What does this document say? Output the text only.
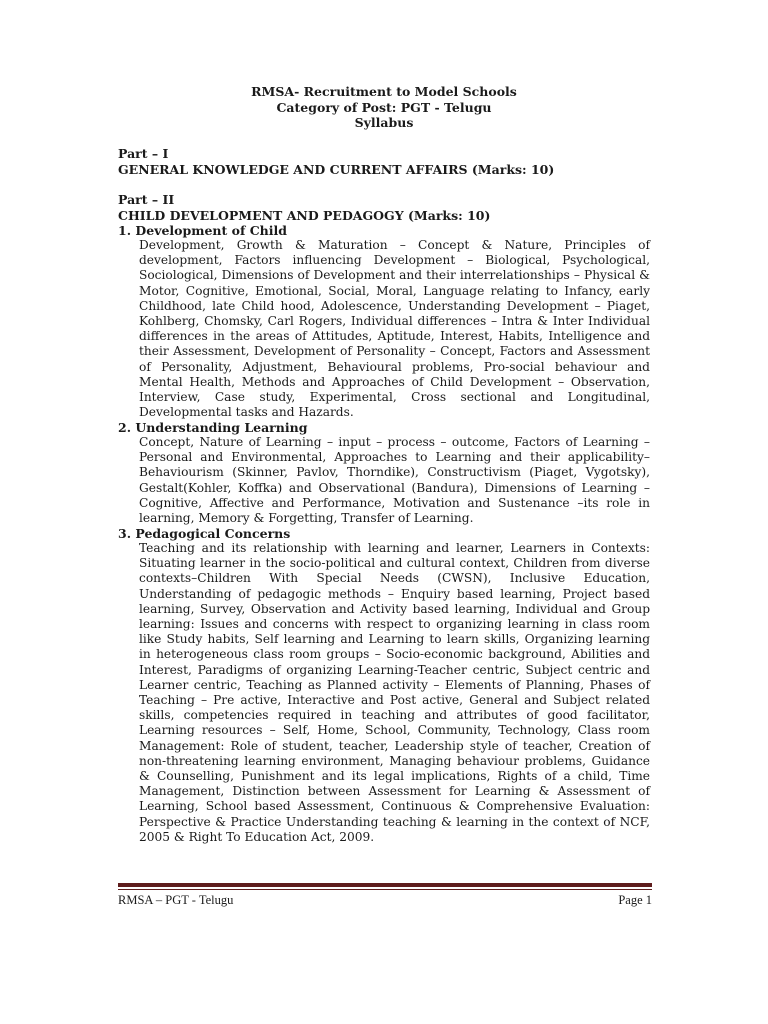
RMSA- Recruitment to Model Schools
Category of Post: PGT - Telugu
Syllabus
Part – I
GENERAL KNOWLEDGE AND CURRENT AFFAIRS (Marks: 10)
Part – II
CHILD DEVELOPMENT AND PEDAGOGY (Marks: 10)
1. Development of Child
Development, Growth & Maturation – Concept & Nature, Principles of development, Factors influencing Development – Biological, Psychological, Sociological, Dimensions of Development and their interrelationships – Physical & Motor, Cognitive, Emotional, Social, Moral, Language relating to Infancy, early Childhood, late Child hood, Adolescence, Understanding Development – Piaget, Kohlberg, Chomsky, Carl Rogers, Individual differences – Intra & Inter Individual differences in the areas of Attitudes, Aptitude, Interest, Habits, Intelligence and their Assessment, Development of Personality – Concept, Factors and Assessment of Personality, Adjustment, Behavioural problems, Pro-social behaviour and Mental Health, Methods and Approaches of Child Development – Observation, Interview, Case study, Experimental, Cross sectional and Longitudinal, Developmental tasks and Hazards.
2. Understanding Learning
Concept, Nature of Learning – input – process – outcome, Factors of Learning – Personal and Environmental, Approaches to Learning and their applicability– Behaviourism (Skinner, Pavlov, Thorndike), Constructivism (Piaget, Vygotsky), Gestalt(Kohler, Koffka) and Observational (Bandura), Dimensions of Learning – Cognitive, Affective and Performance, Motivation and Sustenance –its role in learning, Memory & Forgetting, Transfer of Learning.
3. Pedagogical Concerns
Teaching and its relationship with learning and learner, Learners in Contexts: Situating learner in the socio-political and cultural context, Children from diverse contexts–Children With Special Needs (CWSN), Inclusive Education, Understanding of pedagogic methods – Enquiry based learning, Project based learning, Survey, Observation and Activity based learning, Individual and Group learning: Issues and concerns with respect to organizing learning in class room like Study habits, Self learning and Learning to learn skills, Organizing learning in heterogeneous class room groups – Socio-economic background, Abilities and Interest, Paradigms of organizing Learning-Teacher centric, Subject centric and Learner centric, Teaching as Planned activity – Elements of Planning, Phases of Teaching – Pre active, Interactive and Post active, General and Subject related skills, competencies required in teaching and attributes of good facilitator, Learning resources – Self, Home, School, Community, Technology, Class room Management: Role of student, teacher, Leadership style of teacher, Creation of non-threatening learning environment, Managing behaviour problems, Guidance & Counselling, Punishment and its legal implications, Rights of a child, Time Management, Distinction between Assessment for Learning & Assessment of Learning, School based Assessment, Continuous & Comprehensive Evaluation: Perspective & Practice Understanding teaching & learning in the context of NCF, 2005 & Right To Education Act, 2009.
RMSA – PGT - Telugu	Page 1
